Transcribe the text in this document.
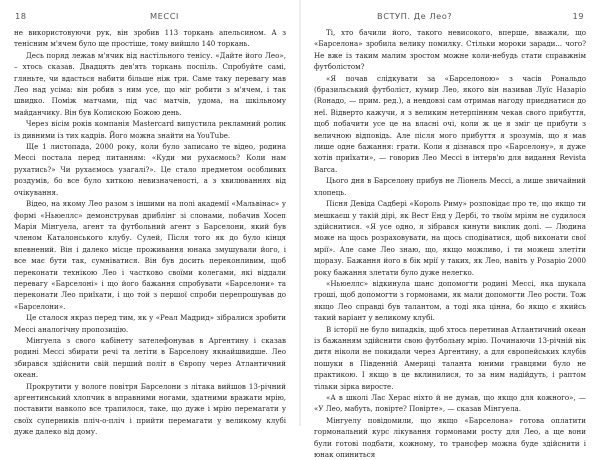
18	МЕССІ

не використовуючи рук, він зробив 113 торкань апельсином. А з тенісним м'ячем було ще простіше, тому вийшло 140 торкань.

Десь поряд лежав м'ячик від настільного тенісу. «Дайте його Лео», – хтось сказав. Двадцять дев'ять торкань поспіль. Спробуйте самі, гляньте, чи вдасться набити більше ніж три. Саме таку перевагу мав Лео над усіма: він робив з ним усе, що міг робити з м'ячем, і так швидко. Поміж матчами, під час матчів, удома, на шкільному майданчику. Він був Колискою Божою день.

Через вісім років компанія Mastercard випустила рекламний ролик із дивними із тих кадрів. Його можна знайти на YouTube.

Ще 1 листопада, 2000 року, коли було записано те відео, родина Мессі постала перед питанням: «Куди ми рухаємось? Коли нам рухатись?» Чи рухаємось узагалі?». Це стало предметом особливих роздумів, бо все було хиткою невизначеності, а з хвилюваннях від очікування.

Відео, на якому Лео разом з іншими на полі академії «Мальвінас» у формі «Ньюеллс» демонстрував дриблінг зі слонами, побачив Хосеп Марія Мінгуела, агент та футбольний агент з Барселони, який був членом Каталонського клубу. Сулей, Після того як до було кінця впевнений. Він і далеко місце проживання юнака змушували його, і все має бути так, сумніватися. Він був досить переконливим, щоб переконати технікою Лео і частково своїми колегами, які віддали перевагу «Барселоні» і що його бажання спробувати «Барселони» та переконати Лео приїхати, і що той з першої спроби перепрошував до «Барселони».

Це сталося якраз перед тим, як у «Реал Мадрид» зібралися зробити Мессі аналогічну пропозицію.

Мінгуела з свого кабінету зателефонував в Аргентину і сказав родині Мессі збирати речі та летіти в Барселону якнайшвидше. Лео збирався здійснити свій перший політ в Європу через Атлантичний океан.

Прокрутити у вологе повітря Барселони з літака вийшов 13-річний аргентинський хлопчик в вправними ногами, здатними вражати мрію, поставити навколо все трапилося, таке, що дуже і мрію перемагати у своїх суперників пліч-о-пліч і прийти перемагати у великому клубі дуже далеко від дому.

ВСТУП. Де Лео?	19

Ті, хто бачили його, такого невисокого, вперше, вважали, що «Барселона» зробила велику помилку. Стільки мороки заради... чого? Не вже із таким малим зростом можне коли-небудь стати справжнім футболістом?

«Я почав слідкувати за «Барселоною» з часів Рональдо (бразильський футболіст, кумир Лео, якого він називав Луїс Назаріо (Rонадо, — прим. ред.), а невдовзі сам отримав нагоду приєднатися до неї. Відверто кажучи, я з великим нетерпінням чекав свого прибуття, щоб побачити усе це на власні очі, коли ж це я зміг це прибути з величною відповідь. Але після мого прибуття я зрозумів, що я мав лише одне бажання: грати. Коли я дізнався про «Барселону», я дуже хотів приїхати», — говорив Лео Мессі в інтерв'ю для видання Revista Barca.

Цього дня в Барселону прибув не Ліонель Мессі, а лише звичайний хлопець.

Пісня Девіда Садбері «Король Риму» розповідає про те, що якщо ти мешкаєш у такій дірі, як Вест Енд у Дербі, то твоїм мріям не судилося здійснитися. «Я усе одно, я зібрався кинути виклик долі. — Людина може на щось розраховувати, на щось сподіватися, щоб виконати свої мрії». Але саме Лео знаю, що, якщо можливо, і ти можеш злетіти щоразу. Бажання його в бік мрії у таких, як Лео, навіть у Розаріо 2000 року бажання злетати було дуже нелегко.

«Ньюеллс» відкинула шанс допомогти родині Мессі, яка шукала гроші, щоб допомогти з гормонами, як мали допомогти Лео рости. Тож якщо Лео справді був талантом, а тоді яка цінна, бо якщо є якийсь такий варіант у великому клубі.

В історії не було випадків, щоб хтось перетинав Атлантичний океан із бажанням здійснити свою футбольну мрію. Починаючи 13-річній вік дитя ніколи не покидали через Аргентину, а для європейських клубів пошуки в Південній Америці таланта юними гравцями було не практикою. І якщо в це вклинилися, то за ним надійдуть, і раптом тільки зірка виросте.

«А в школі Лас Херас ніхто й не думав, що якщо для кожного», — «У Лео, мабуть, повірте? Повірте», — сказав Мінгуела.

Мінгуелу повідомили, що якщо «Барселона» готова оплатити гормональний курс лікування гормонами росту для Лео, а ще вони були готові подбати, кожному, то трансфер можна буде здійснити і юнак опиниться
